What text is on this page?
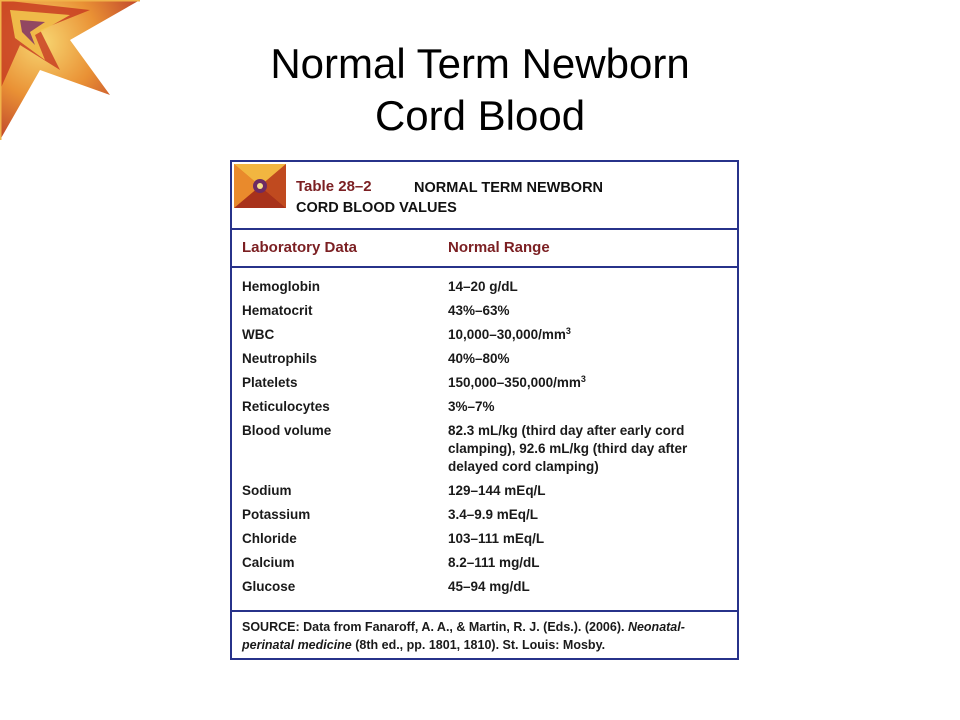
Normal Term Newborn
Cord Blood
Table 28–2	NORMAL TERM NEWBORN
CORD BLOOD VALUES
Laboratory Data	Normal Range
Hemoglobin	14–20 g/dL
Hematocrit	43%–63%
WBC	$10,000-30,000/mm^3$
Neutrophils	40%–80%
Platelets	$150,000-350,000/mm^3$
Reticulocytes	3%–7%
Blood volume	82.3 mL/kg (third day after early cord clamping), 92.6 mL/kg (third day after delayed cord clamping)
Sodium	129–144 mEq/L
Potassium	3.4–9.9 mEq/L
Chloride	103–111 mEq/L
Calcium	8.2–111 mg/dL
Glucose	45–94 mg/dL
SOURCE: Data from Fanaroff, A. A., & Martin, R. J. (Eds.). (2006). Neonatal-perinatal medicine (8th ed., pp. 1801, 1810). St. Louis: Mosby.
